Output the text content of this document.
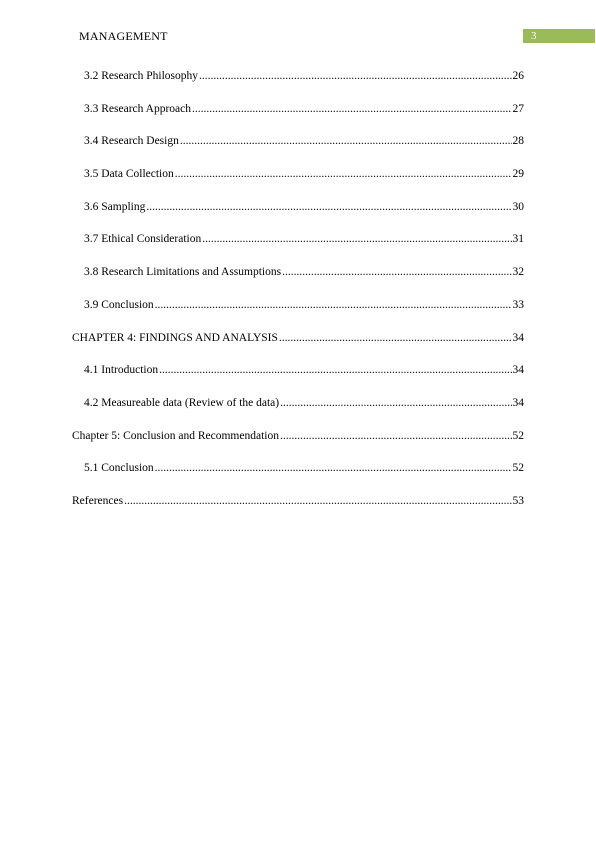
MANAGEMENT	3
3.2 Research Philosophy .....	26
3.3 Research Approach .....	27
3.4 Research Design .....	28
3.5 Data Collection .....	29
3.6 Sampling .....	30
3.7 Ethical Consideration .....	31
3.8 Research Limitations and Assumptions .....	32
3.9 Conclusion .....	33
CHAPTER 4: FINDINGS AND ANALYSIS .....	34
4.1 Introduction .....	34
4.2 Measureable data (Review of the data) .....	34
Chapter 5: Conclusion and Recommendation .....	52
5.1 Conclusion .....	52
References .....	53
